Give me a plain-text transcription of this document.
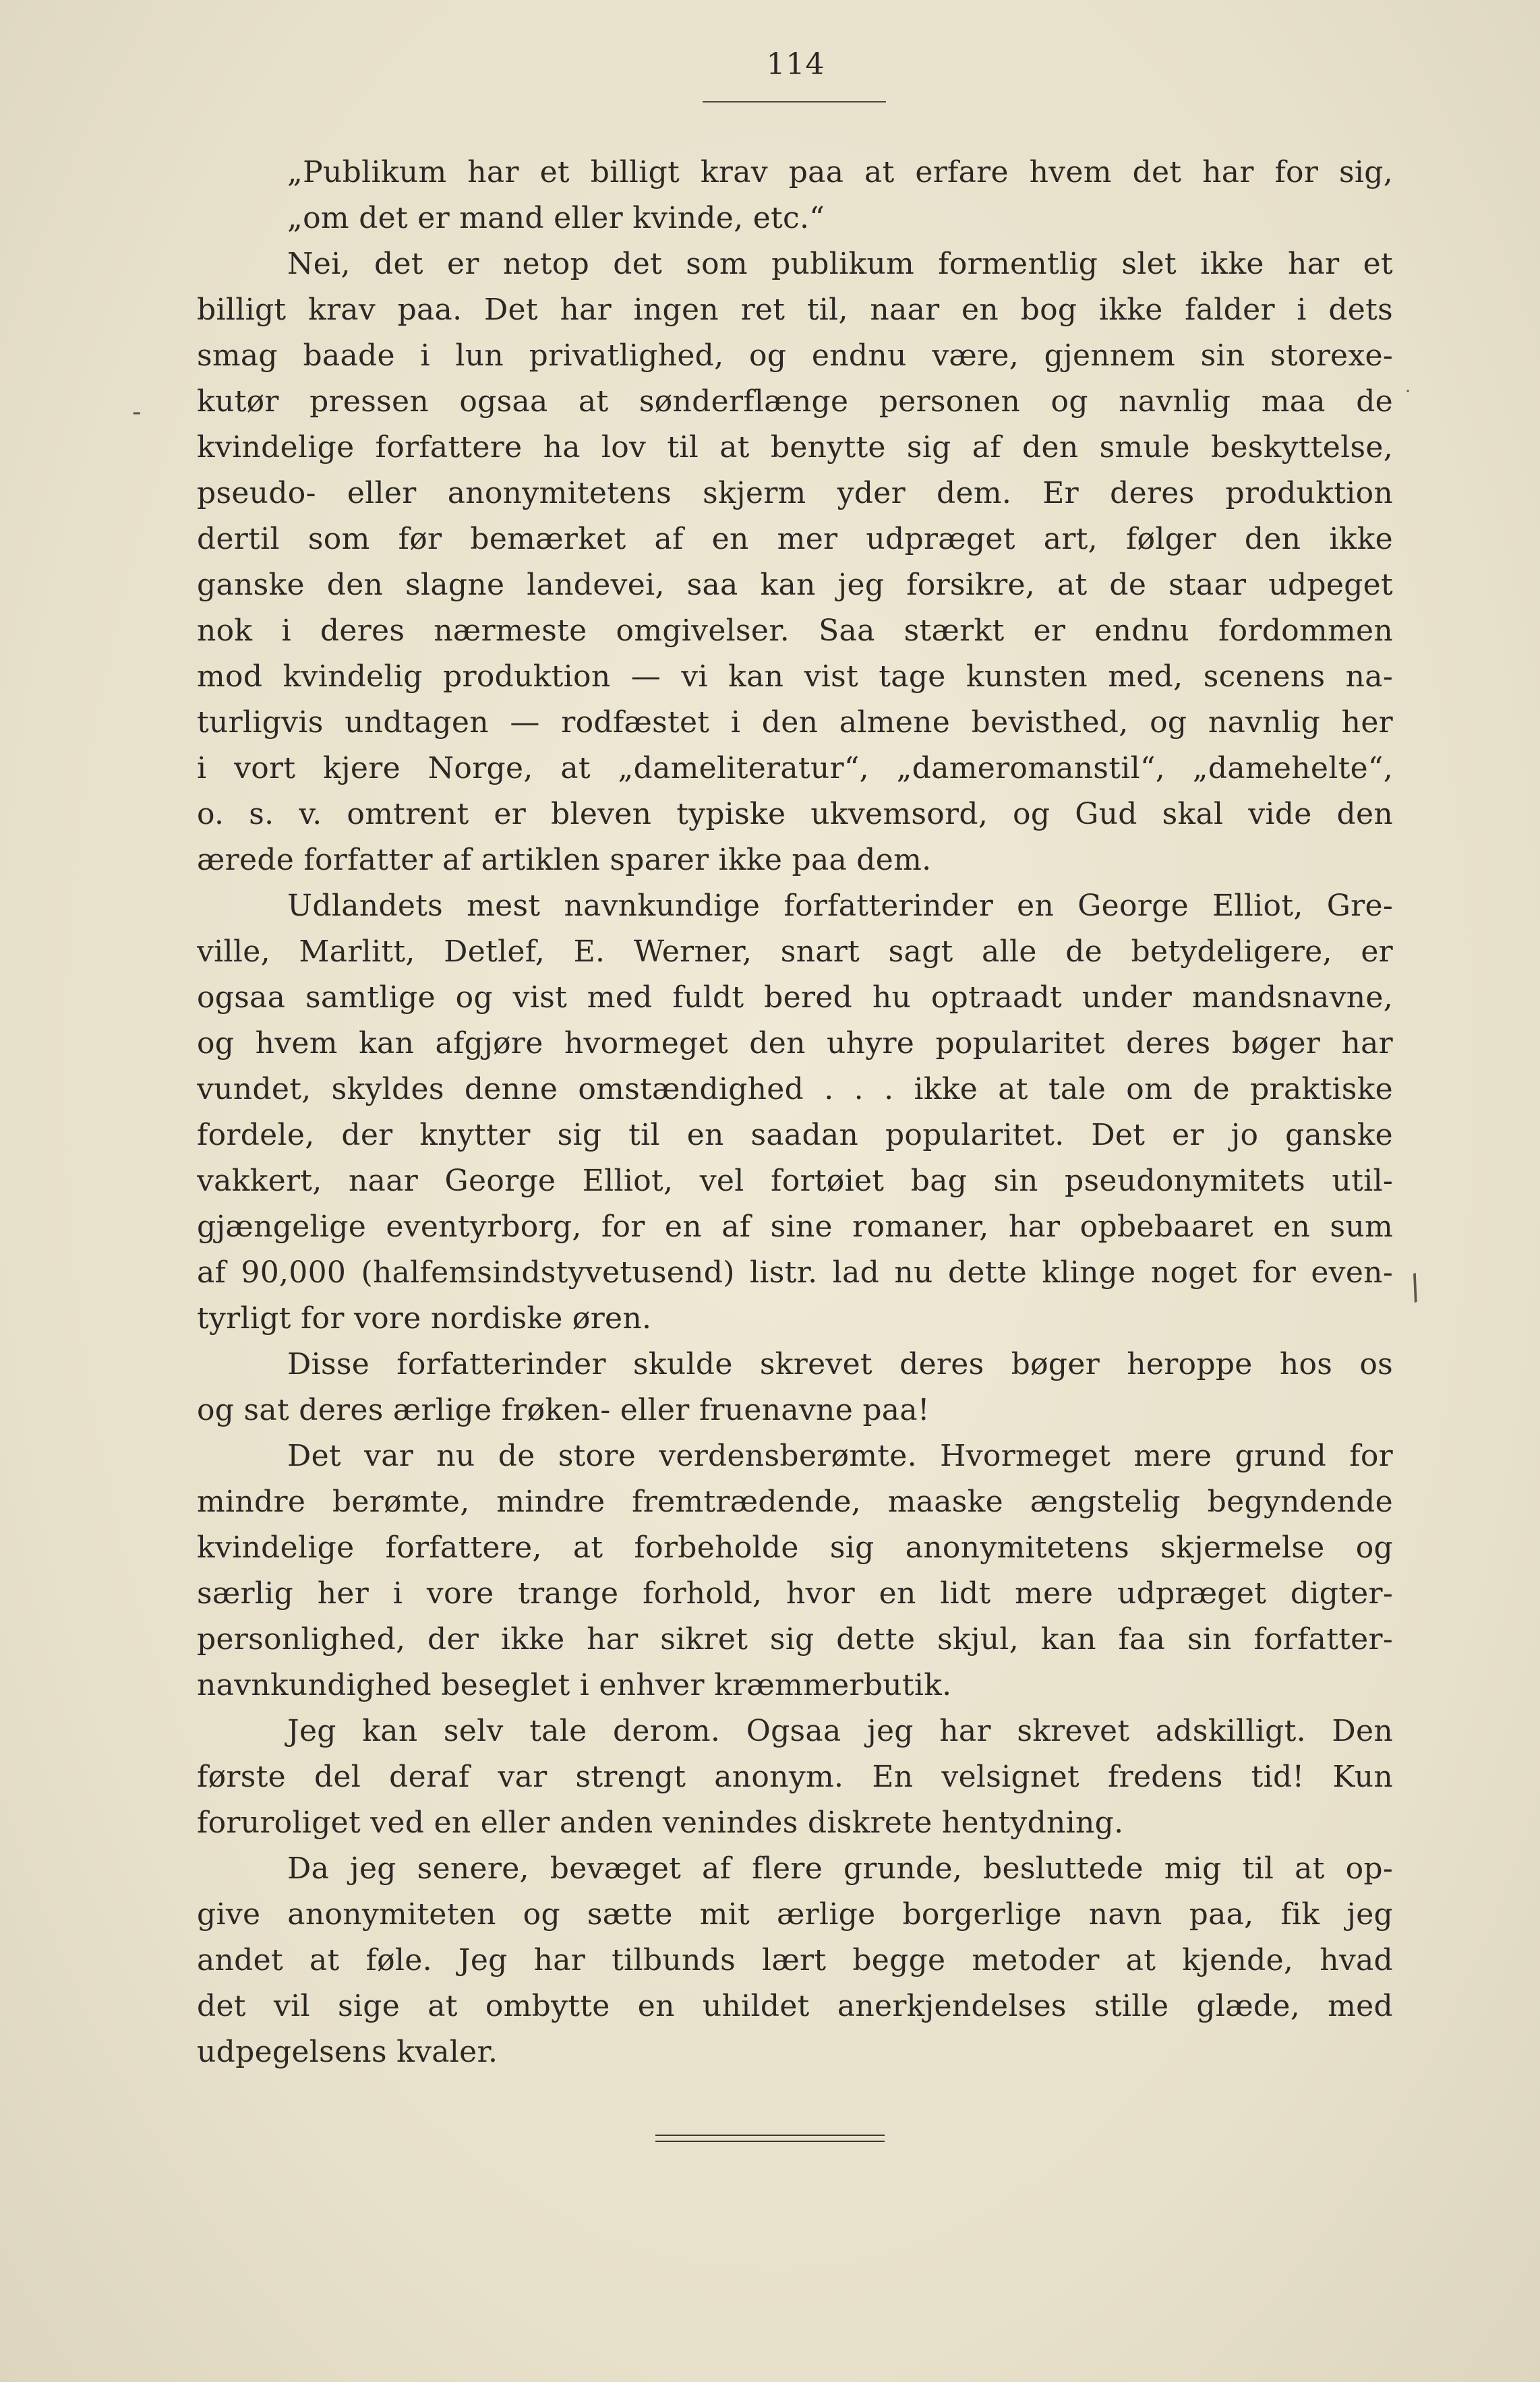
114
„Publikum har et billigt krav paa at erfare hvem det har for sig,
„om det er mand eller kvinde, etc.“
Nei, det er netop det som publikum formentlig slet ikke har et
billigt krav paa. Det har ingen ret til, naar en bog ikke falder i dets
smag baade i lun privatlighed, og endnu være, gjennem sin storexe-
kutør pressen ogsaa at sønderflænge personen og navnlig maa de
kvindelige forfattere ha lov til at benytte sig af den smule beskyttelse,
pseudo- eller anonymitetens skjerm yder dem. Er deres produktion
dertil som før bemærket af en mer udpræget art, følger den ikke
ganske den slagne landevei, saa kan jeg forsikre, at de staar udpeget
nok i deres nærmeste omgivelser. Saa stærkt er endnu fordommen
mod kvindelig produktion — vi kan vist tage kunsten med, scenens na-
turligvis undtagen — rodfæstet i den almene bevisthed, og navnlig her
i vort kjere Norge, at „dameliteratur“, „dameromanstil“, „damehelte“,
o. s. v. omtrent er bleven typiske ukvemsord, og Gud skal vide den
ærede forfatter af artiklen sparer ikke paa dem.
Udlandets mest navnkundige forfatterinder en George Elliot, Gre-
ville, Marlitt, Detlef, E. Werner, snart sagt alle de betydeligere, er
ogsaa samtlige og vist med fuldt bered hu optraadt under mandsnavne,
og hvem kan afgjøre hvormeget den uhyre popularitet deres bøger har
vundet, skyldes denne omstændighed . . . ikke at tale om de praktiske
fordele, der knytter sig til en saadan popularitet. Det er jo ganske
vakkert, naar George Elliot, vel fortøiet bag sin pseudonymitets util-
gjængelige eventyrborg, for en af sine romaner, har opbebaaret en sum
af 90,000 (halfemsindstyvetusend) listr. lad nu dette klinge noget for even-
tyrligt for vore nordiske øren.
Disse forfatterinder skulde skrevet deres bøger heroppe hos os
og sat deres ærlige frøken- eller fruenavne paa!
Det var nu de store verdensberømte. Hvormeget mere grund for
mindre berømte, mindre fremtrædende, maaske ængstelig begyndende
kvindelige forfattere, at forbeholde sig anonymitetens skjermelse og
særlig her i vore trange forhold, hvor en lidt mere udpræget digter-
personlighed, der ikke har sikret sig dette skjul, kan faa sin forfatter-
navnkundighed beseglet i enhver kræmmerbutik.
Jeg kan selv tale derom. Ogsaa jeg har skrevet adskilligt. Den
første del deraf var strengt anonym. En velsignet fredens tid! Kun
foruroliget ved en eller anden venindes diskrete hentydning.
Da jeg senere, bevæget af flere grunde, besluttede mig til at op-
give anonymiteten og sætte mit ærlige borgerlige navn paa, fik jeg
andet at føle. Jeg har tilbunds lært begge metoder at kjende, hvad
det vil sige at ombytte en uhildet anerkjendelses stille glæde, med
udpegelsens kvaler.
-
·
/
